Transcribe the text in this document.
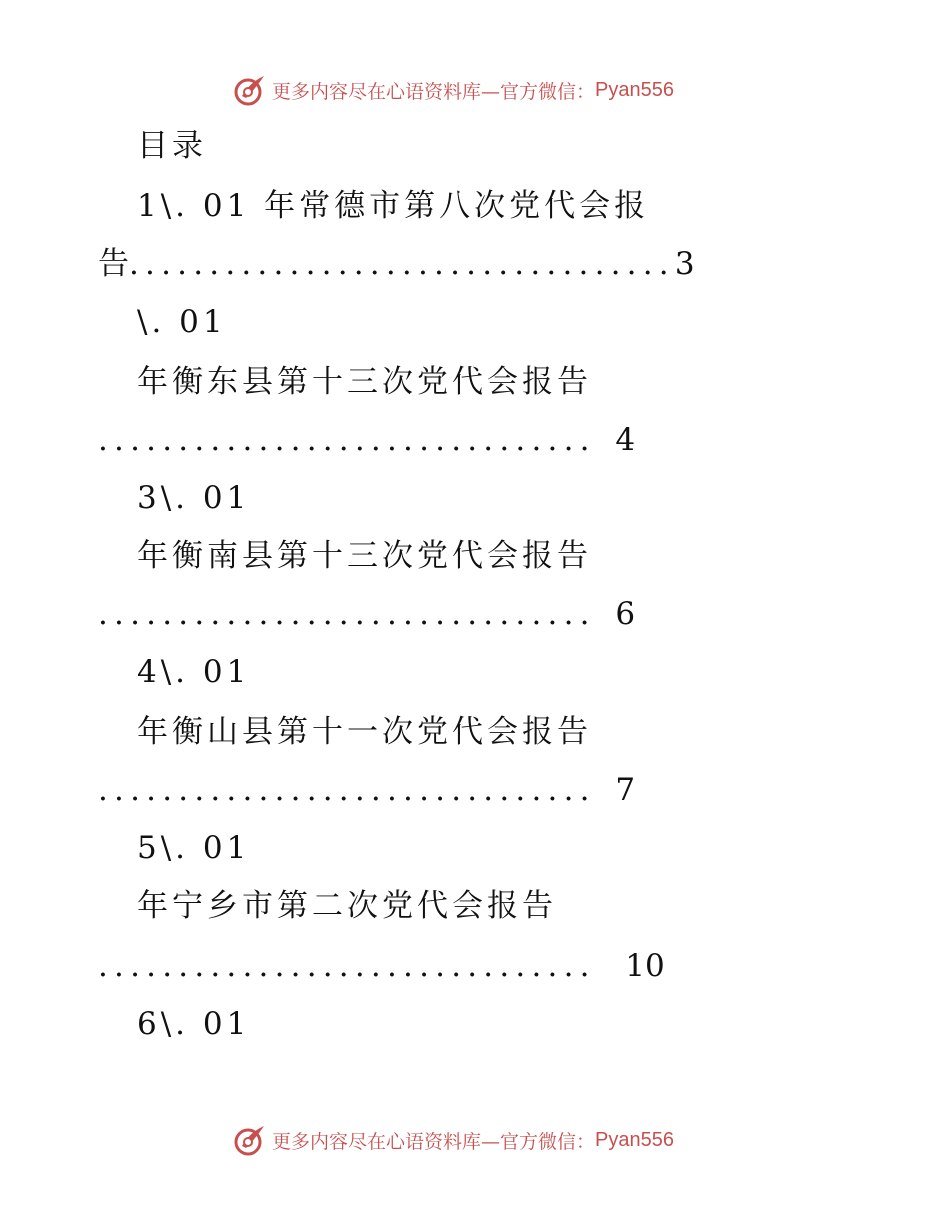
更多内容尽在心语资料库 —官方微信： Pyan556
目录
1\. 01 年常德市第八次党代会报
告..................................3
\. 01
年衡东县第十三次党代会报告
............................... 4
3\. 01
年衡南县第十三次党代会报告
............................... 6
4\. 01
年衡山县第十一次党代会报告
............................... 7
5\. 01
年宁乡市第二次党代会报告
............................... 10
6\. 01
更多内容尽在心语资料库 —官方微信： Pyan556
